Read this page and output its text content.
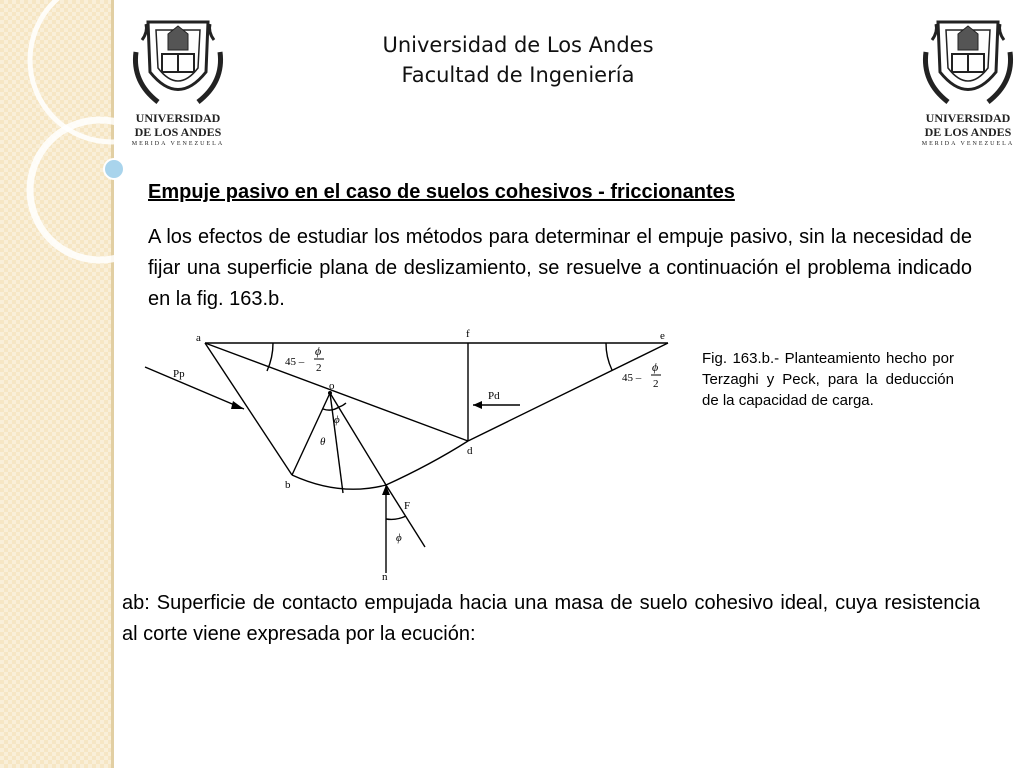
UNIVERSIDAD
DE LOS ANDES
MERIDA VENEZUELA
UNIVERSIDAD
DE LOS ANDES
MERIDA VENEZUELA
Universidad de Los Andes
Facultad de Ingeniería
Empuje pasivo en el caso de suelos cohesivos - friccionantes
A los efectos de estudiar los métodos para determinar el empuje pasivo, sin la necesidad de fijar una superficie plana de deslizamiento, se resuelve a continuación el problema indicado en la fig. 163.b.
a	f	e
o
b
d
n
Pp
Pd
F
45 –
ϕ
2
45 –
ϕ
2
ϕ
θ
ϕ
Fig. 163.b.- Planteamiento hecho por Terzaghi y Peck, para la deducción de la capacidad de carga.
ab: Superficie de contacto empujada hacia una masa de suelo cohesivo ideal, cuya resistencia al corte viene expresada por la ecución:
